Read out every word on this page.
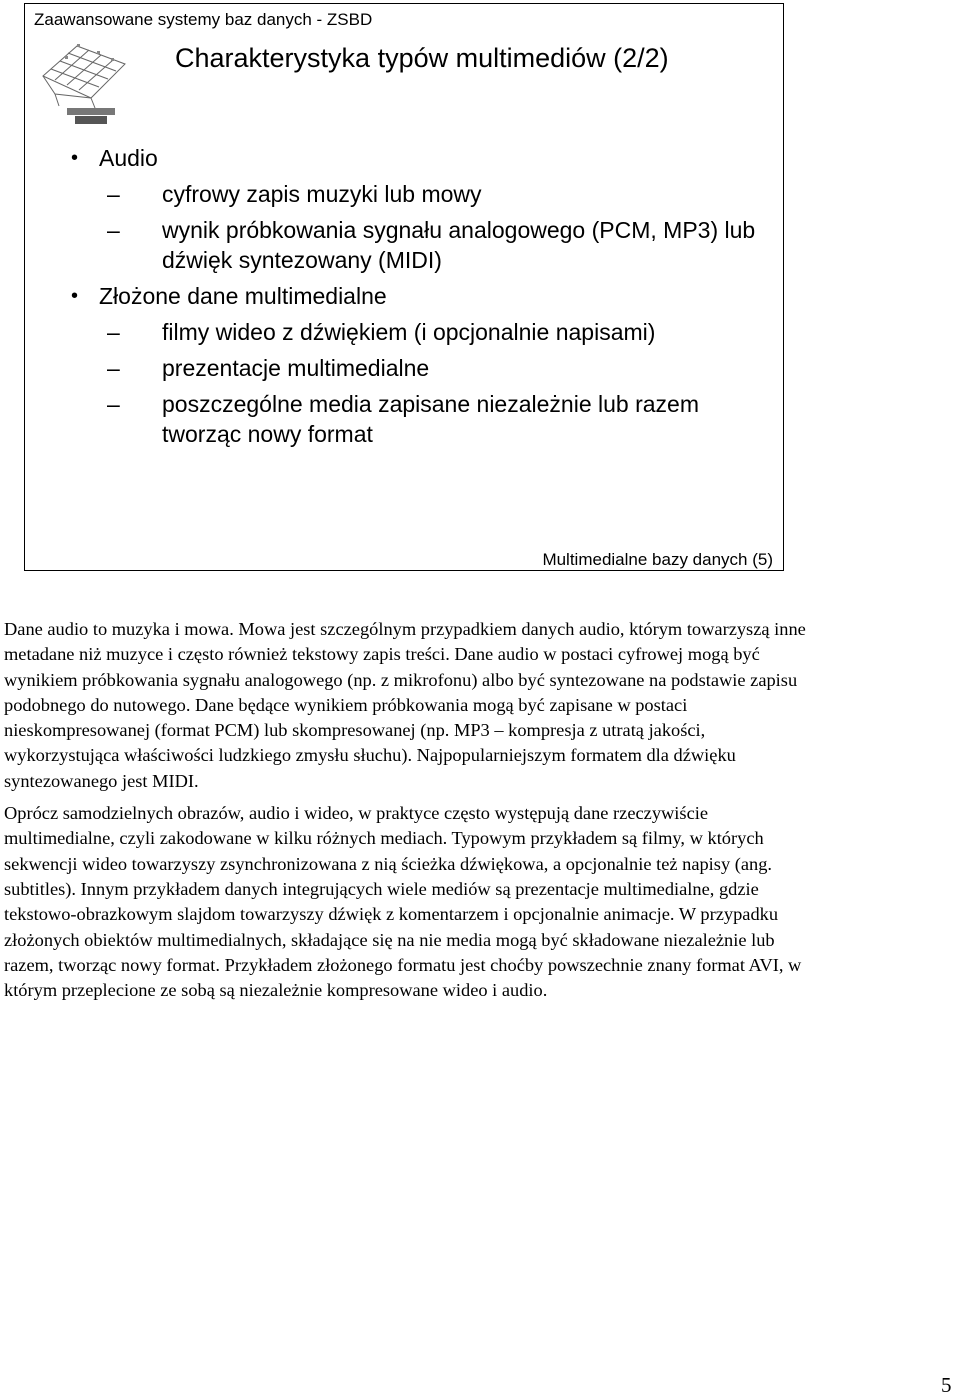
Zaawansowane systemy baz danych - ZSBD
Charakterystyka typów multimediów (2/2)
• Audio
– cyfrowy zapis muzyki lub mowy
– wynik próbkowania sygnału analogowego (PCM, MP3) lub dźwięk syntezowany (MIDI)
• Złożone dane multimedialne
– filmy wideo z dźwiękiem (i opcjonalnie napisami)
– prezentacje multimedialne
– poszczególne media zapisane niezależnie lub razem tworząc nowy format
Multimedialne bazy danych (5)

Dane audio to muzyka i mowa. Mowa jest szczególnym przypadkiem danych audio, którym towarzyszą inne metadane niż muzyce i często również tekstowy zapis treści. Dane audio w postaci cyfrowej mogą być wynikiem próbkowania sygnału analogowego (np. z mikrofonu) albo być syntezowane na podstawie zapisu podobnego do nutowego. Dane będące wynikiem próbkowania mogą być zapisane w postaci nieskompresowanej (format PCM) lub skompresowanej (np. MP3 – kompresja z utratą jakości, wykorzystująca właściwości ludzkiego zmysłu słuchu). Najpopularniejszym formatem dla dźwięku syntezowanego jest MIDI.

Oprócz samodzielnych obrazów, audio i wideo, w praktyce często występują dane rzeczywiście multimedialne, czyli zakodowane w kilku różnych mediach. Typowym przykładem są filmy, w których sekwencji wideo towarzyszy zsynchronizowana z nią ścieżka dźwiękowa, a opcjonalnie też napisy (ang. subtitles). Innym przykładem danych integrujących wiele mediów są prezentacje multimedialne, gdzie tekstowo-obrazkowym slajdom towarzyszy dźwięk z komentarzem i opcjonalnie animacje. W przypadku złożonych obiektów multimedialnych, składające się na nie media mogą być składowane niezależnie lub razem, tworząc nowy format. Przykładem złożonego formatu jest choćby powszechnie znany format AVI, w którym przeplecione ze sobą są niezależnie kompresowane wideo i audio.

5
